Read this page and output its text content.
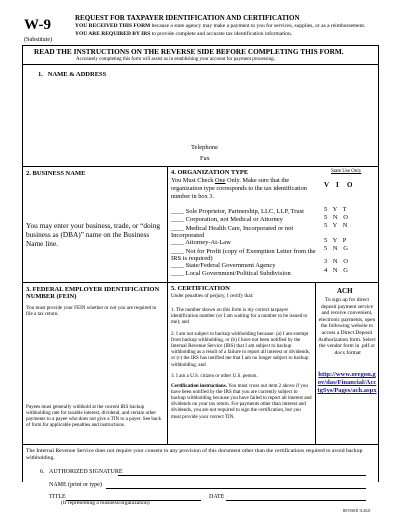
W-9
(Substitute)
REQUEST FOR TAXPAYER IDENTIFICATION AND CERTIFICATION
YOU RECEIVED THIS FORM because a state agency may make a payment to you for services, supplies, or as a reimbursement.
YOU ARE REQUIRED BY IRS to provide complete and accurate tax identification information.
READ THE INSTRUCTIONS ON THE REVERSE SIDE BEFORE COMPLETING THIS FORM.
Accurately completing this form will assist us in establishing your account for payment processing.
1. NAME & ADDRESS
Telephone
Fax
2. BUSINESS NAME
You may enter your business, trade, or “doing business as (DBA)” name on the Business Name line.
4. ORGANIZATION TYPE
You Must Check One Only. Make sure that the organization type corresponds to the tax identification number in box 3.
State Use Only
V I O
____ Sole Proprietor, Partnership, LLC, LLP, Trust
____ Corporation, not Medical or Attorney
____ Medical Health Care, Incorporated or not Incorporated
____ Attorney-At-Law
____ Not for Profit (copy of Exemption Letter from the IRS is required)
____ State/Federal Government Agency
____ Local Government/Political Subdivision
5 Y T
5 N O
5 Y N
5 Y P
5 N G
3 N O
4 N G
3. FEDERAL EMPLOYER IDENTIFICATION NUMBER (FEIN)
You must provide your FEIN whether or not you are required to file a tax return.
Payees must generally withhold at the current IRS backup withholding rate for taxable interest, dividend, and certain other payments to a payee who does not give a TIN to a payer. See back of form for applicable penalties and instructions.
5. CERTIFICATION
Under penalties of perjury, I certify that:
1. The number shown on this form is my correct taxpayer identification number (or I am waiting for a number to be issued to me); and
2. I am not subject to backup withholding because: (a) I am exempt from backup withholding, or (b) I have not been notified by the Internal Revenue Service (IRS) that I am subject to backup withholding as a result of a failure to report all interest or dividends, or (c) the IRS has notified me that I am no longer subject to backup withholding; and
3. I am a U.S. citizen or other U.S. person.
Certification instructions. You must cross out item 2 above if you have been notified by the IRS that you are currently subject to backup withholding because you have failed to report all interest and dividends on your tax return. For payments other than interest and dividends, you are not required to sign the certification, but you must provide your correct TIN.
ACH
To sign up for direct deposit payment service and receive convenient, electronic payments, open the following website to access a Direct Deposit Authorization form. Select the vendor form in .pdf or .docx format
http://www.oregon.gov/das/Financial/AcctgSys/Pages/ach.aspx
The Internal Revenue Service does not require your consent to any provision of this document other than the certifications required to avoid backup withholding.
6. AUTHORIZED SIGNATURE
NAME (print or type)
TITLE
(If representing a business/organization)
DATE
REVISED 11/2021
